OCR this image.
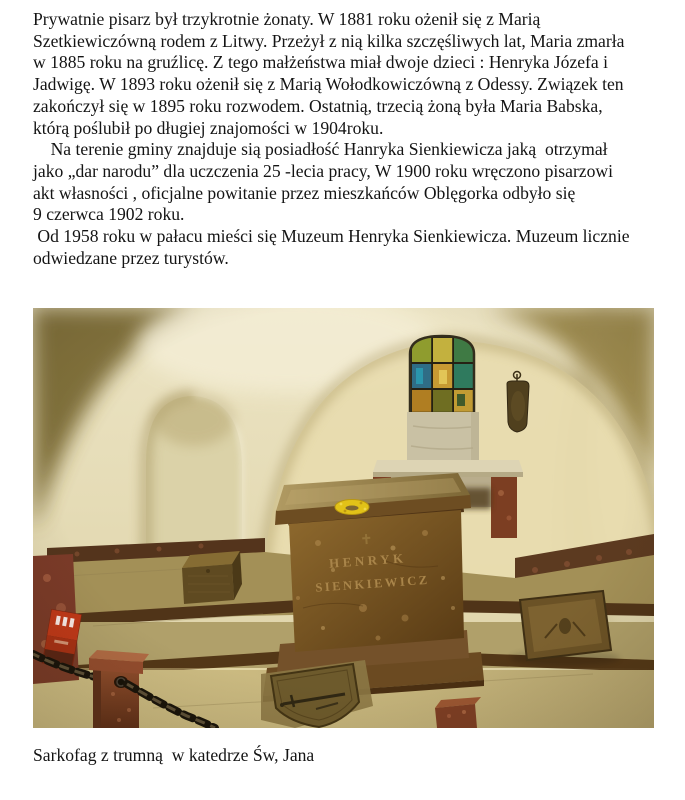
Prywatnie pisarz był trzykrotnie żonaty. W 1881 roku ożenił się z Marią
Szetkiewiczówną rodem z Litwy. Przeżył z nią kilka szczęśliwych lat, Maria zmarła
w 1885 roku na gruźlicę. Z tego małżeństwa miał dwoje dzieci : Henryka Józefa i
Jadwigę. W 1893 roku ożenił się z Marią Wołodkowiczówną z Odessy. Związek ten
zakończył się w 1895 roku rozwodem. Ostatnią, trzecią żoną była Maria Babska,
którą poślubił po długiej znajomości w 1904roku.
Na terenie gminy znajduje sią posiadłość Hanryka Sienkiewicza jaką  otrzymał
jako „dar narodu” dla uczczenia 25 -lecia pracy, W 1900 roku wręczono pisarzowi
akt własności , oficjalne powitanie przez mieszkańców Oblęgorka odbyło się
9 czerwca 1902 roku.
Od 1958 roku w pałacu mieści się Muzeum Henryka Sienkiewicza. Muzeum licznie
odwiedzane przez turystów.
Sarkofag z trumną  w katedrze Św, Jana
